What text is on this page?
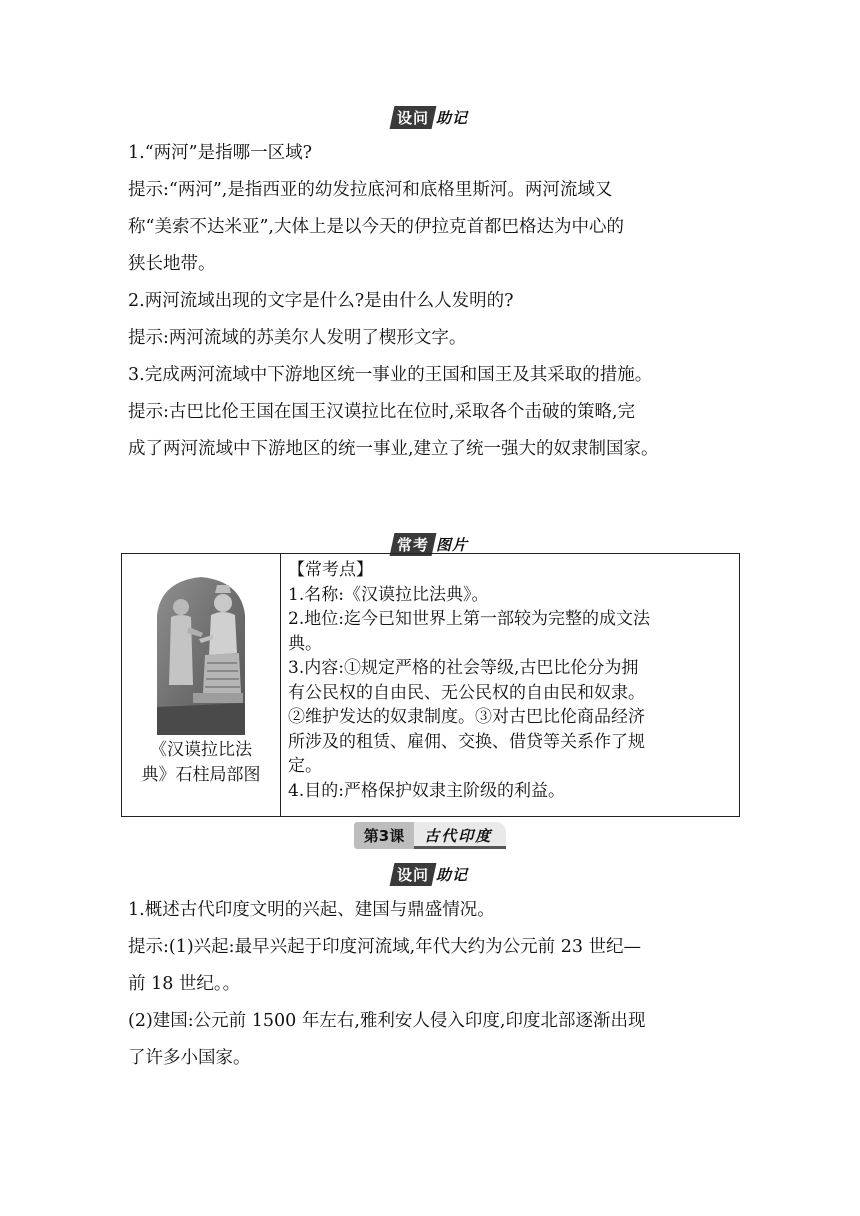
设问 助记

1.“两河”是指哪一区域?

提示:“两河”,是指西亚的幼发拉底河和底格里斯河。两河流域又

称“美索不达米亚”,大体上是以今天的伊拉克首都巴格达为中心的

狭长地带。

2.两河流域出现的文字是什么?是由什么人发明的?

提示:两河流域的苏美尔人发明了楔形文字。

3.完成两河流域中下游地区统一事业的王国和国王及其采取的措施。

提示:古巴比伦王国在国王汉谟拉比在位时,采取各个击破的策略,完

成了两河流域中下游地区的统一事业,建立了统一强大的奴隶制国家。

常考 图片
《汉谟拉比法
典》石柱局部图

【常考点】
1.名称:《汉谟拉比法典》。
2.地位:迄今已知世界上第一部较为完整的成文法
典。
3.内容:①规定严格的社会等级,古巴比伦分为拥
有公民权的自由民、无公民权的自由民和奴隶。
②维护发达的奴隶制度。③对古巴比伦商品经济
所涉及的租赁、雇佣、交换、借贷等关系作了规
定。
4.目的:严格保护奴隶主阶级的利益。
第3课	古代印度
设问 助记

1.概述古代印度文明的兴起、建国与鼎盛情况。

提示:(1)兴起:最早兴起于印度河流域,年代大约为公元前 23 世纪—

前 18 世纪。。

(2)建国:公元前 1500 年左右,雅利安人侵入印度,印度北部逐渐出现

了许多小国家。
